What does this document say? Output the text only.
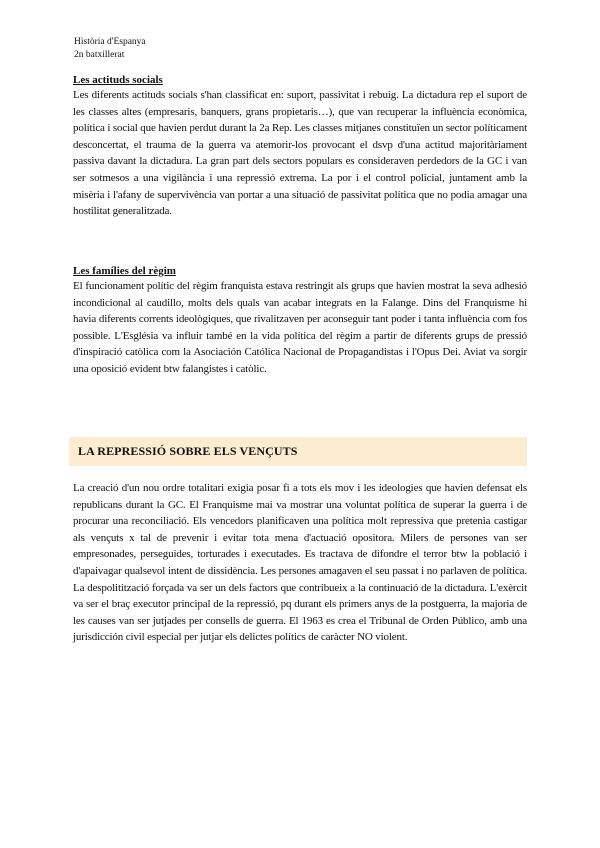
Història d'Espanya
2n batxillerat

Les actituds socials

Les diferents actituds socials s'han classificat en: suport, passivitat i rebuig. La dictadura rep el suport de les classes altes (empresaris, banquers, grans propietaris…), que van recuperar la influència econòmica, política i social que havien perdut durant la 2a Rep. Les classes mitjanes constituïen un sector políticament desconcertat, el trauma de la guerra va atemorir-los provocant el dsvp d'una actitud majoritàriament passiva davant la dictadura. La gran part dels sectors populars es consideraven perdedors de la GC i van ser sotmesos a una vigilància i una repressió extrema. La por i el control policial, juntament amb la misèria i l'afany de supervivència van portar a una situació de passivitat política que no podia amagar una hostilitat generalitzada.

Les famílies del règim

El funcionament polític del règim franquista estava restringit als grups que havien mostrat la seva adhesió incondicional al caudillo, molts dels quals van acabar integrats en la Falange. Dins del Franquisme hi havia diferents corrents ideològiques, que rivalitzaven per aconseguir tant poder i tanta influència com fos possible. L'Església va influir també en la vida política del règim a partir de diferents grups de pressió d'inspiració catòlica com la Asociación Católica Nacional de Propagandistas i l'Opus Dei. Aviat va sorgir una oposició evident btw falangistes i catòlic.

LA REPRESSIÓ SOBRE ELS VENÇUTS

La creació d'un nou ordre totalitari exigia posar fi a tots els mov i les ideologies que havien defensat els republicans durant la GC. El Franquisme mai va mostrar una voluntat política de superar la guerra i de procurar una reconciliació. Els vencedors planificaven una política molt repressiva que pretenia castigar als vençuts x tal de prevenir i evitar tota mena d'actuació opositora. Milers de persones van ser empresonades, perseguides, torturades i executades. Es tractava de difondre el terror btw la població i d'apaivagar qualsevol intent de dissidència. Les persones amagaven el seu passat i no parlaven de política. La despolitització forçada va ser un dels factors que contribueix a la continuació de la dictadura. L'exèrcit va ser el braç executor principal de la repressió, pq durant els primers anys de la postguerra, la majoria de les causes van ser jutjades per consells de guerra. El 1963 es crea el Tribunal de Orden Público, amb una jurisdicción civil especial per jutjar els delictes polítics de caràcter NO violent.
